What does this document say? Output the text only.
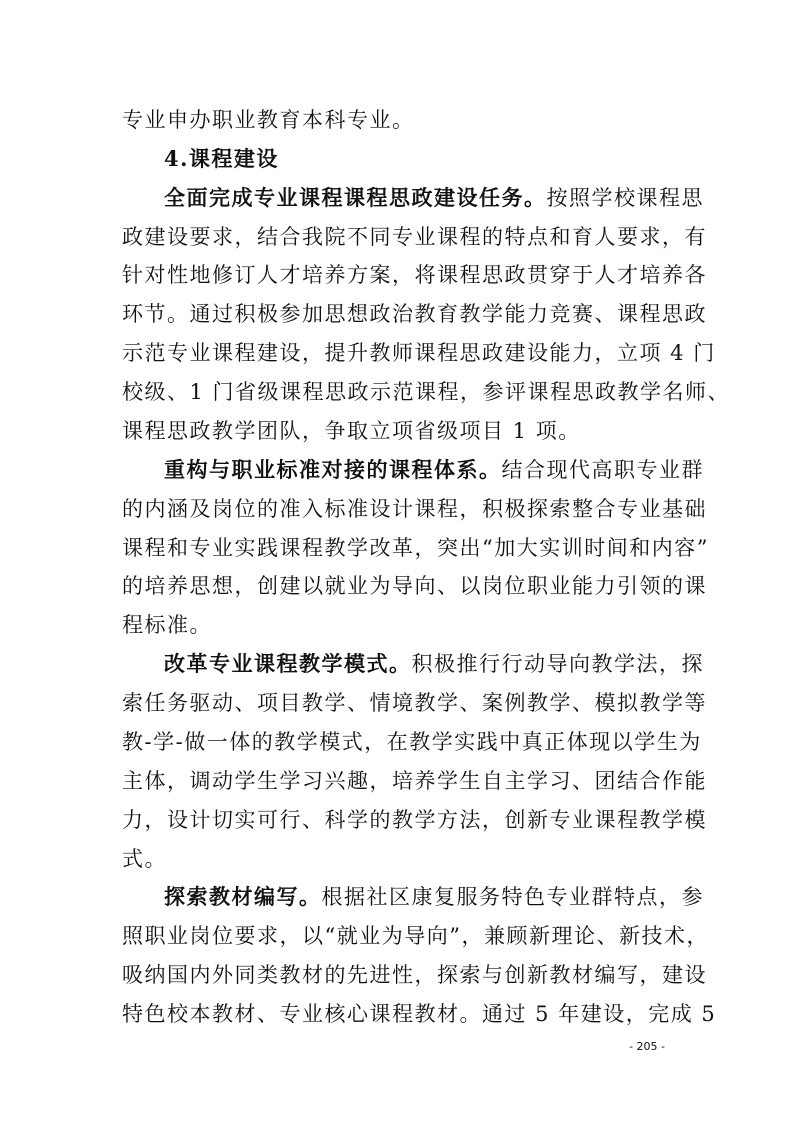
专业申办职业教育本科专业。
4.课程建设
全面完成专业课程课程思政建设任务。按照学校课程思
政建设要求，结合我院不同专业课程的特点和育人要求，有
针对性地修订人才培养方案，将课程思政贯穿于人才培养各
环节。通过积极参加思想政治教育教学能力竞赛、课程思政
示范专业课程建设，提升教师课程思政建设能力，立项 4 门
校级、1 门省级课程思政示范课程，参评课程思政教学名师、
课程思政教学团队，争取立项省级项目 1 项。
重构与职业标准对接的课程体系。结合现代高职专业群
的内涵及岗位的准入标准设计课程，积极探索整合专业基础
课程和专业实践课程教学改革，突出“加大实训时间和内容”
的培养思想，创建以就业为导向、以岗位职业能力引领的课
程标准。
改革专业课程教学模式。积极推行行动导向教学法，探
索任务驱动、项目教学、情境教学、案例教学、模拟教学等
教-学-做一体的教学模式，在教学实践中真正体现以学生为
主体，调动学生学习兴趣，培养学生自主学习、团结合作能
力，设计切实可行、科学的教学方法，创新专业课程教学模
式。
探索教材编写。根据社区康复服务特色专业群特点，参
照职业岗位要求，以“就业为导向”，兼顾新理论、新技术，
吸纳国内外同类教材的先进性，探索与创新教材编写，建设
特色校本教材、专业核心课程教材。通过 5 年建设，完成 5
- 205 -
